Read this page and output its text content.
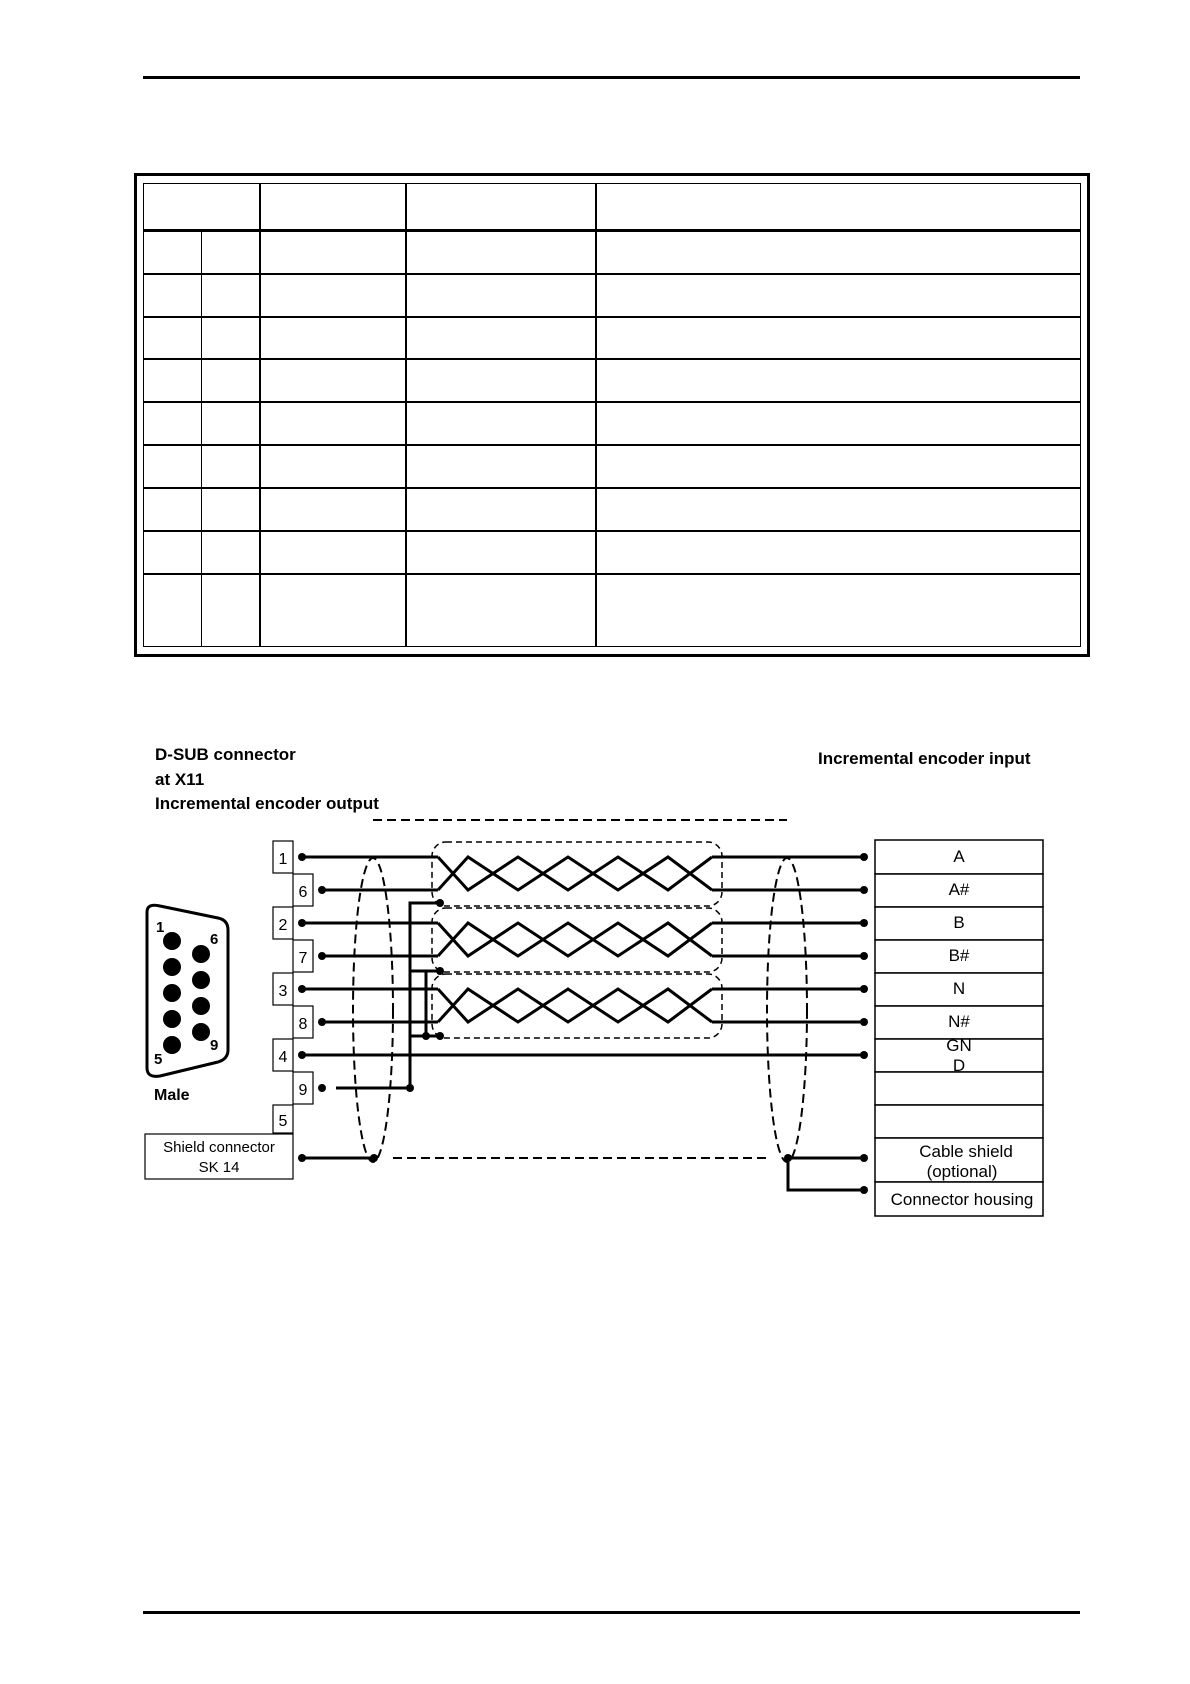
D-SUB connector
at X11
Incremental encoder output
Incremental encoder input
1
6
5
9
Male
1
6
2
7
3
8
4
9
5
Shield connector
SK 14
A
A#
B
B#
N
N#
GN
D
Cable shield
(optional)
Connector housing
